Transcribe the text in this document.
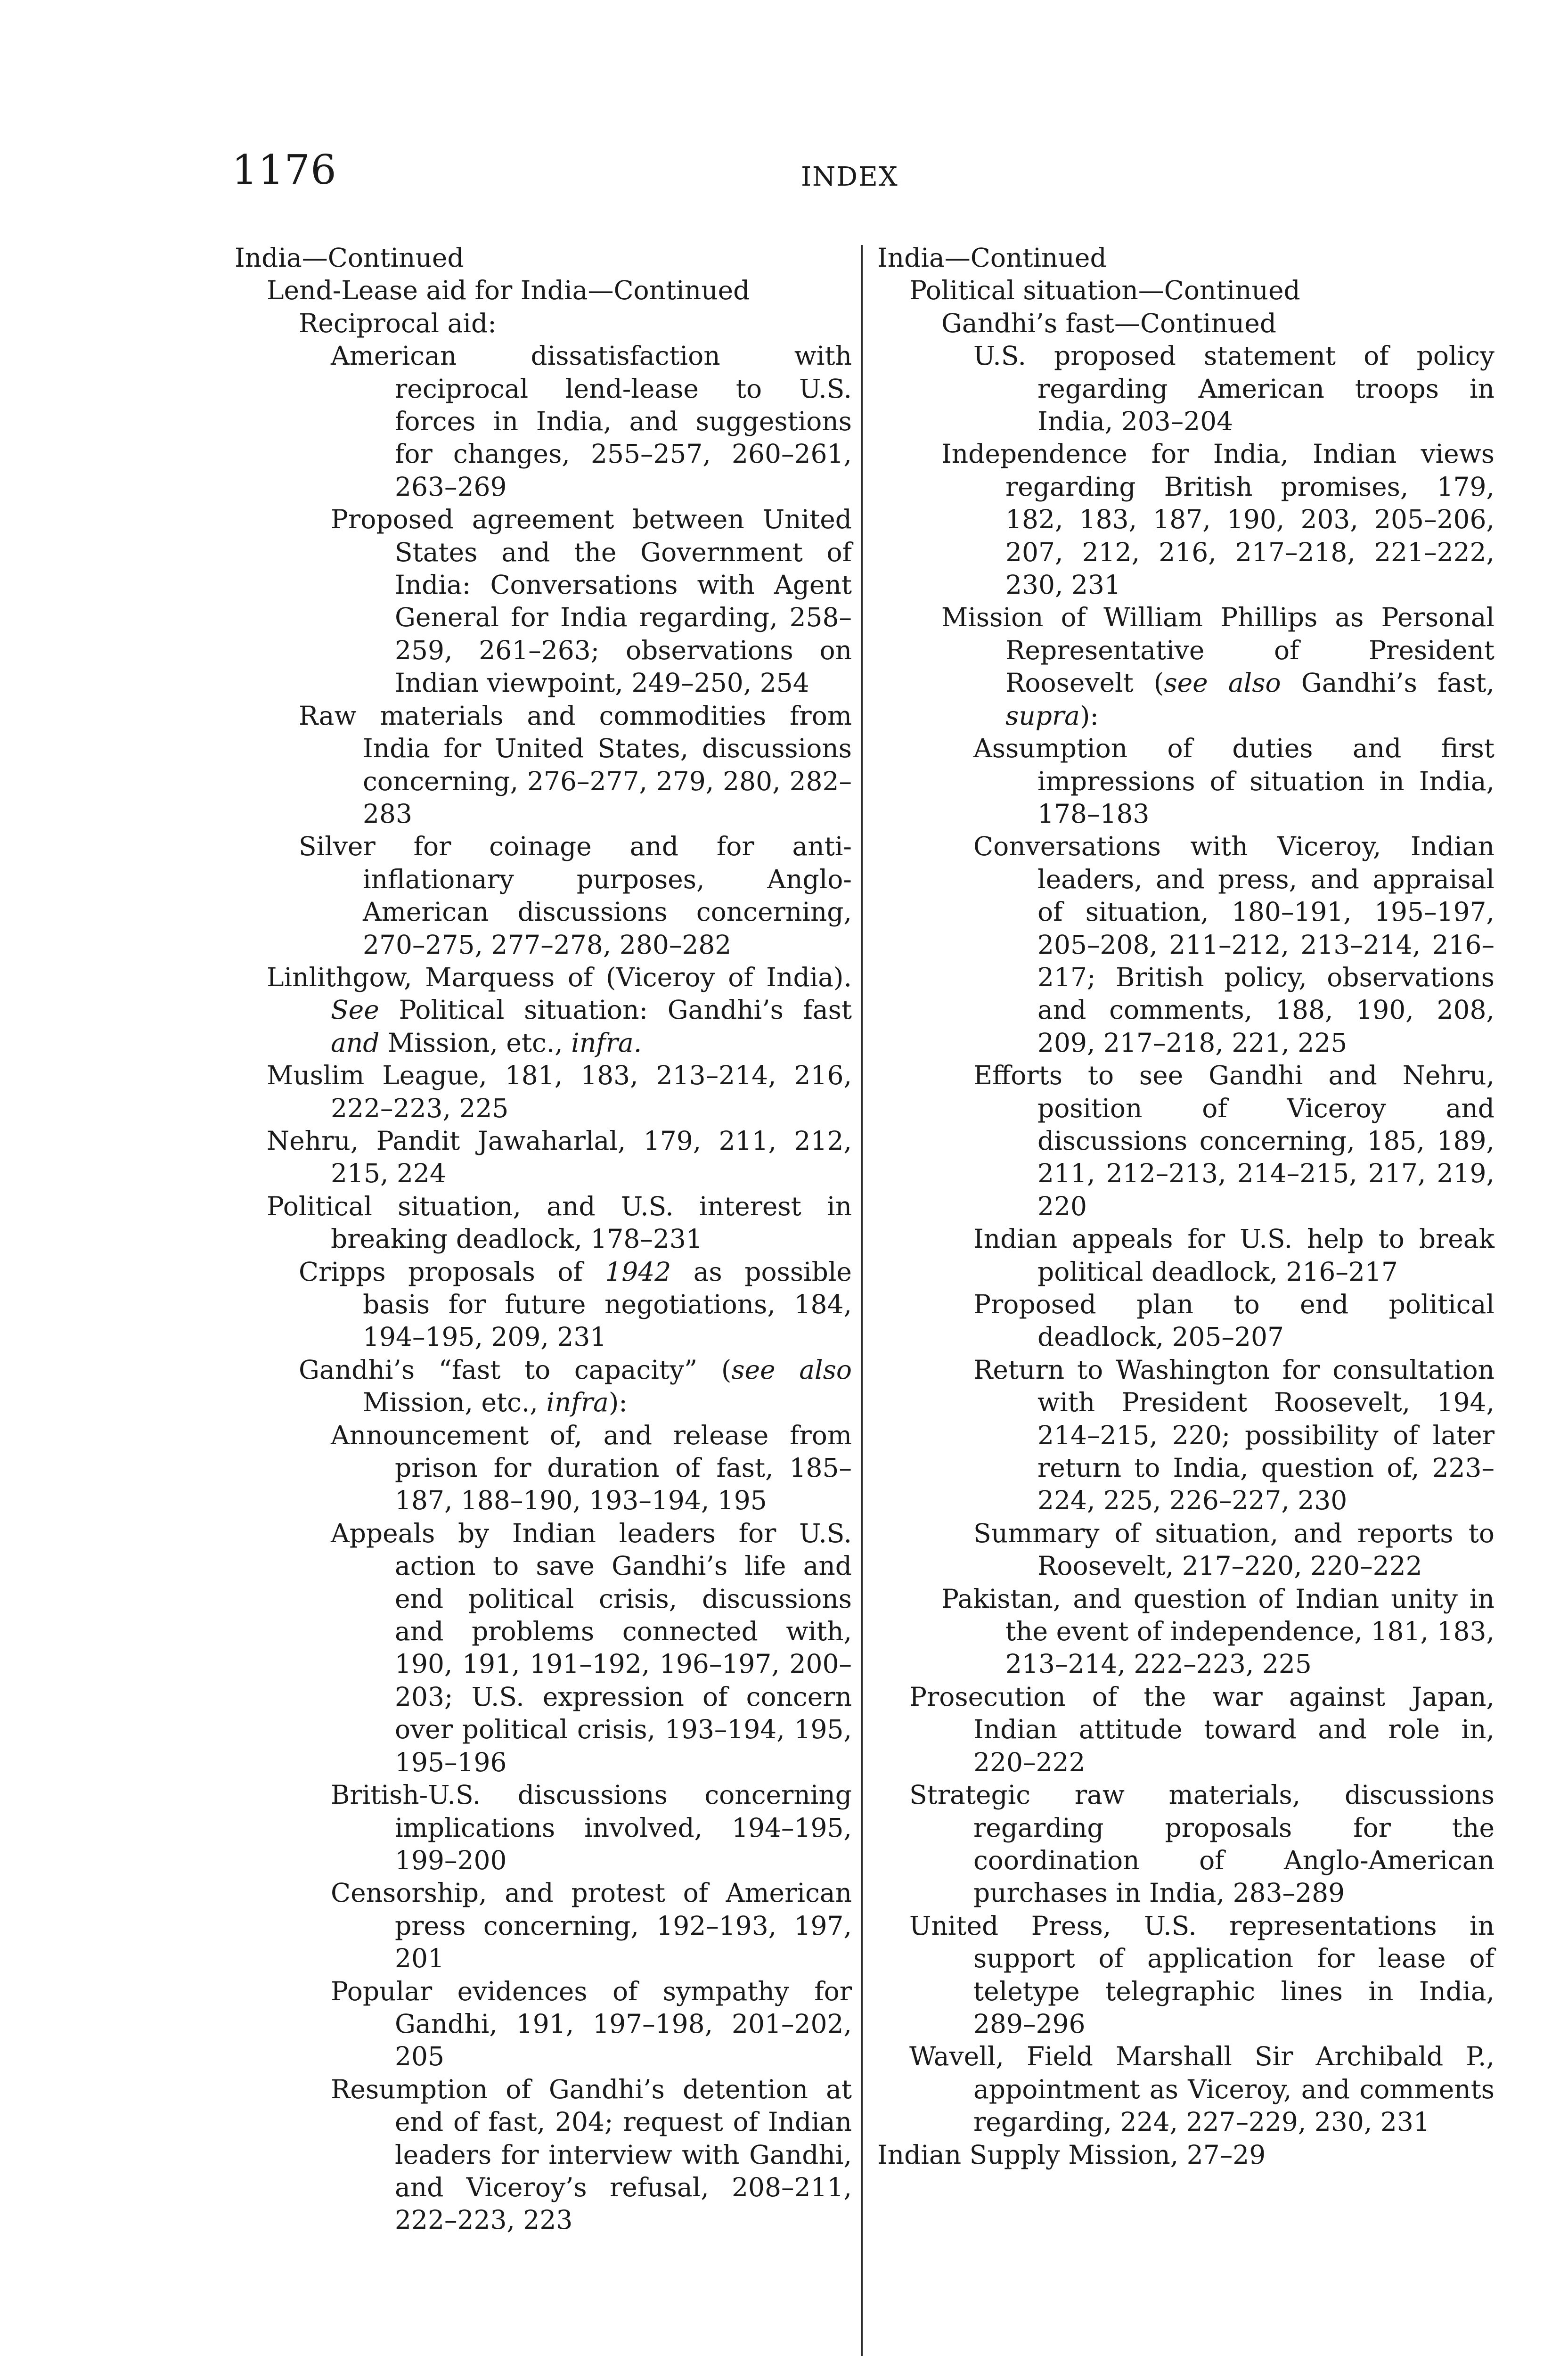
1176	INDEX

India—Continued

Lend-Lease aid for India—Continued

Reciprocal aid:

American dissatisfaction with reciprocal lend-lease to U.S. forces in India, and suggestions for changes, 255–257, 260–261, 263–269

Proposed agreement between United States and the Government of India: Conversations with Agent General for India regarding, 258–259, 261–263; observations on Indian viewpoint, 249–250, 254

Raw materials and commodities from India for United States, discussions concerning, 276–277, 279, 280, 282–283

Silver for coinage and for anti-inflationary purposes, Anglo-American discussions concerning, 270–275, 277–278, 280–282

Linlithgow, Marquess of (Viceroy of India). See Political situation: Gandhi’s fast and Mission, etc., infra.

Muslim League, 181, 183, 213–214, 216, 222–223, 225

Nehru, Pandit Jawaharlal, 179, 211, 212, 215, 224

Political situation, and U.S. interest in breaking deadlock, 178–231

Cripps proposals of 1942 as possible basis for future negotiations, 184, 194–195, 209, 231

Gandhi’s “fast to capacity” (see also Mission, etc., infra):

Announcement of, and release from prison for duration of fast, 185–187, 188–190, 193–194, 195

Appeals by Indian leaders for U.S. action to save Gandhi’s life and end political crisis, discussions and problems connected with, 190, 191, 191–192, 196–197, 200–203; U.S. expression of concern over political crisis, 193–194, 195, 195–196

British-U.S. discussions concerning implications involved, 194–195, 199–200

Censorship, and protest of American press concerning, 192–193, 197, 201

Popular evidences of sympathy for Gandhi, 191, 197–198, 201–202, 205

Resumption of Gandhi’s detention at end of fast, 204; request of Indian leaders for interview with Gandhi, and Viceroy’s refusal, 208–211, 222–223, 223

India—Continued

Political situation—Continued

Gandhi’s fast—Continued

U.S. proposed statement of policy regarding American troops in India, 203–204

Independence for India, Indian views regarding British promises, 179, 182, 183, 187, 190, 203, 205–206, 207, 212, 216, 217–218, 221–222, 230, 231

Mission of William Phillips as Personal Representative of President Roosevelt (see also Gandhi’s fast, supra):

Assumption of duties and first impressions of situation in India, 178–183

Conversations with Viceroy, Indian leaders, and press, and appraisal of situation, 180–191, 195–197, 205–208, 211–212, 213–214, 216–217; British policy, observations and comments, 188, 190, 208, 209, 217–218, 221, 225

Efforts to see Gandhi and Nehru, position of Viceroy and discussions concerning, 185, 189, 211, 212–213, 214–215, 217, 219, 220

Indian appeals for U.S. help to break political deadlock, 216–217

Proposed plan to end political deadlock, 205–207

Return to Washington for consultation with President Roosevelt, 194, 214–215, 220; possibility of later return to India, question of, 223–224, 225, 226–227, 230

Summary of situation, and reports to Roosevelt, 217–220, 220–222

Pakistan, and question of Indian unity in the event of independence, 181, 183, 213–214, 222–223, 225

Prosecution of the war against Japan, Indian attitude toward and role in, 220–222

Strategic raw materials, discussions regarding proposals for the coordination of Anglo-American purchases in India, 283–289

United Press, U.S. representations in support of application for lease of teletype telegraphic lines in India, 289–296

Wavell, Field Marshall Sir Archibald P., appointment as Viceroy, and comments regarding, 224, 227–229, 230, 231

Indian Supply Mission, 27–29
